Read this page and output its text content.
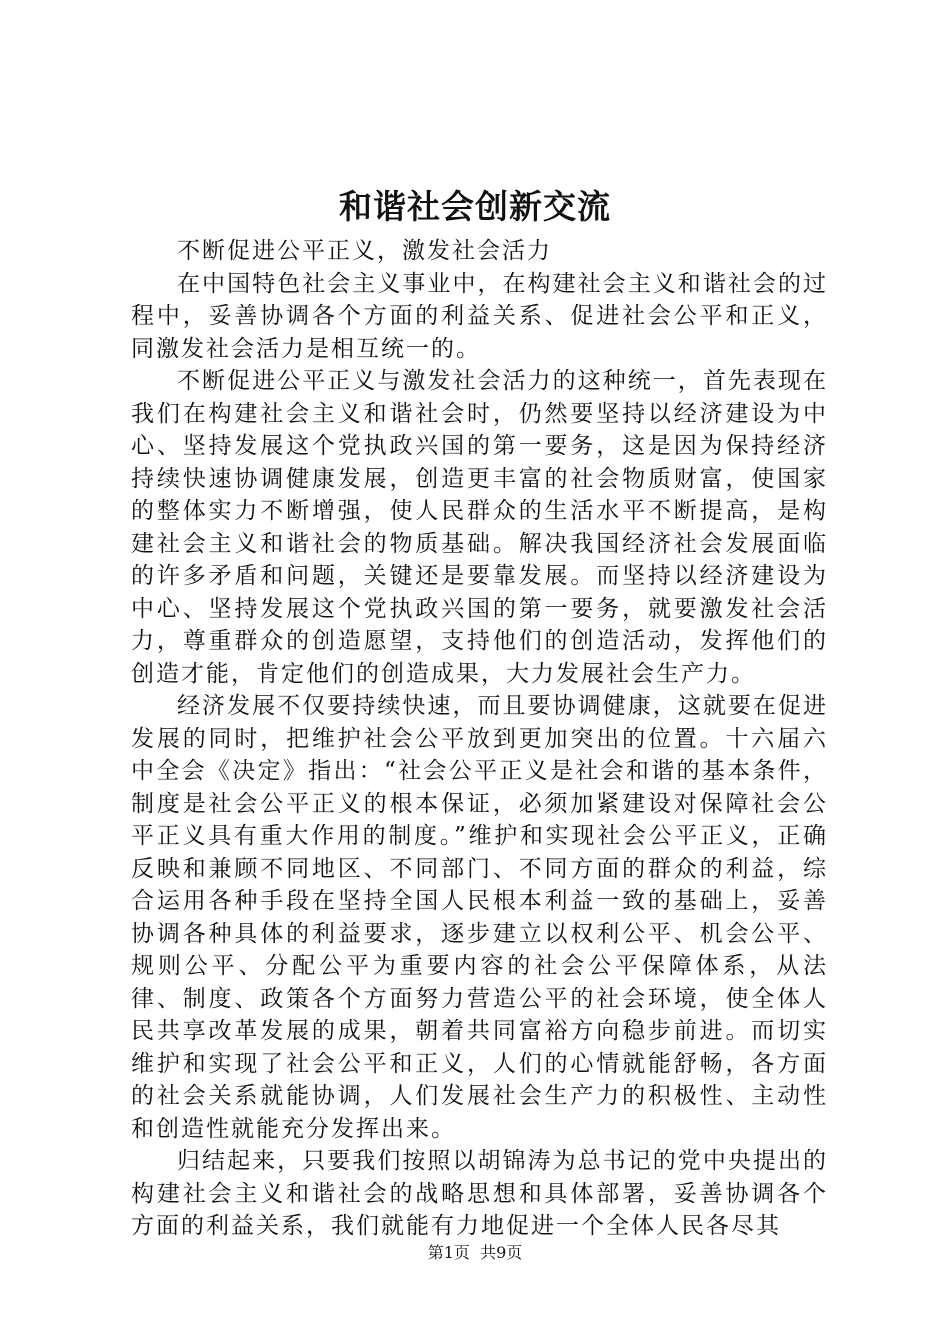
和谐社会创新交流

不断促进公平正义，激发社会活力

在中国特色社会主义事业中，在构建社会主义和谐社会的过程中，妥善协调各个方面的利益关系、促进社会公平和正义，同激发社会活力是相互统一的。

不断促进公平正义与激发社会活力的这种统一，首先表现在我们在构建社会主义和谐社会时，仍然要坚持以经济建设为中心、坚持发展这个党执政兴国的第一要务，这是因为保持经济持续快速协调健康发展，创造更丰富的社会物质财富，使国家的整体实力不断增强，使人民群众的生活水平不断提高，是构建社会主义和谐社会的物质基础。解决我国经济社会发展面临的许多矛盾和问题，关键还是要靠发展。而坚持以经济建设为中心、坚持发展这个党执政兴国的第一要务，就要激发社会活力，尊重群众的创造愿望，支持他们的创造活动，发挥他们的创造才能，肯定他们的创造成果，大力发展社会生产力。

经济发展不仅要持续快速，而且要协调健康，这就要在促进发展的同时，把维护社会公平放到更加突出的位置。十六届六中全会《决定》指出：“社会公平正义是社会和谐的基本条件，制度是社会公平正义的根本保证，必须加紧建设对保障社会公平正义具有重大作用的制度。”维护和实现社会公平正义，正确反映和兼顾不同地区、不同部门、不同方面的群众的利益，综合运用各种手段在坚持全国人民根本利益一致的基础上，妥善协调各种具体的利益要求，逐步建立以权利公平、机会公平、规则公平、分配公平为重要内容的社会公平保障体系，从法律、制度、政策各个方面努力营造公平的社会环境，使全体人民共享改革发展的成果，朝着共同富裕方向稳步前进。而切实维护和实现了社会公平和正义，人们的心情就能舒畅，各方面的社会关系就能协调，人们发展社会生产力的积极性、主动性和创造性就能充分发挥出来。

归结起来，只要我们按照以胡锦涛为总书记的党中央提出的构建社会主义和谐社会的战略思想和具体部署，妥善协调各个方面的利益关系，我们就能有力地促进一个全体人民各尽其

第1页 共9页
